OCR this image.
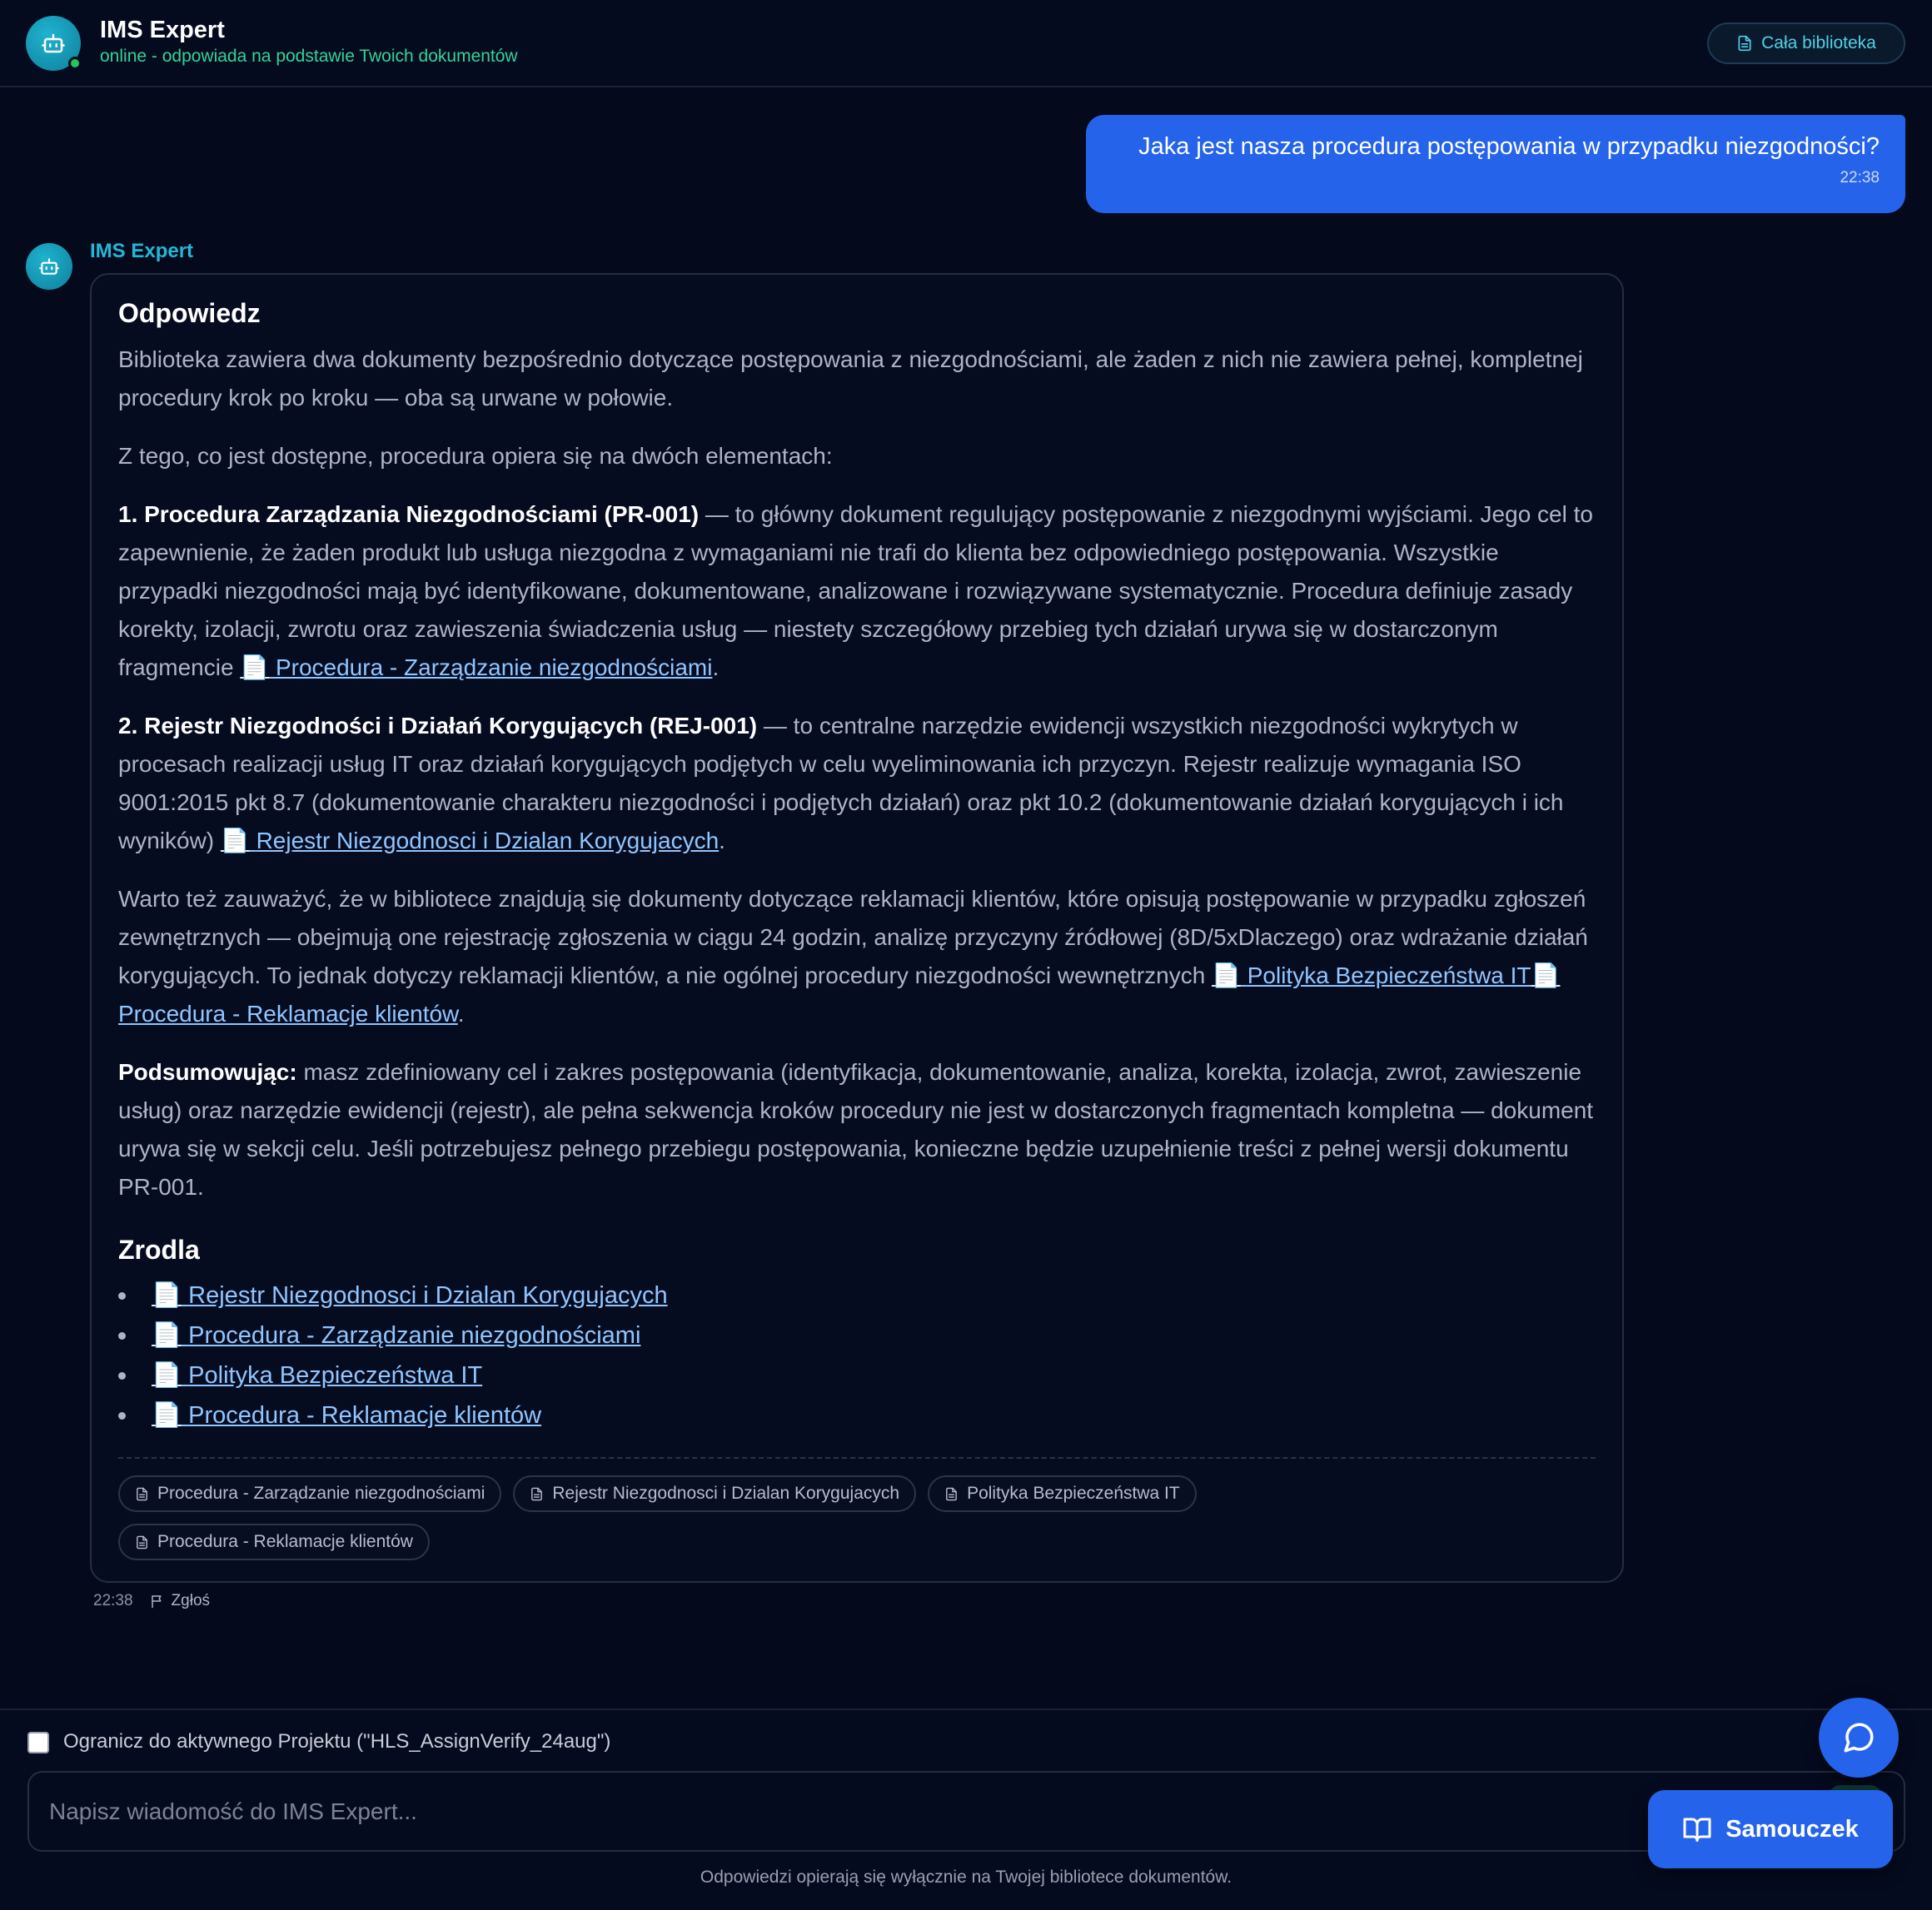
IMS Expert
online - odpowiada na podstawie Twoich dokumentów
Cała biblioteka
Jaka jest nasza procedura postępowania w przypadku niezgodności?
22:38
IMS Expert
Odpowiedz

Biblioteka zawiera dwa dokumenty bezpośrednio dotyczące postępowania z niezgodnościami, ale żaden z nich nie zawiera pełnej, kompletnej procedury krok po kroku — oba są urwane w połowie.

Z tego, co jest dostępne, procedura opiera się na dwóch elementach:

1. Procedura Zarządzania Niezgodnościami (PR-001) — to główny dokument regulujący postępowanie z niezgodnymi wyjściami. Jego cel to zapewnienie, że żaden produkt lub usługa niezgodna z wymaganiami nie trafi do klienta bez odpowiedniego postępowania. Wszystkie przypadki niezgodności mają być identyfikowane, dokumentowane, analizowane i rozwiązywane systematycznie. Procedura definiuje zasady korekty, izolacji, zwrotu oraz zawieszenia świadczenia usług — niestety szczegółowy przebieg tych działań urywa się w dostarczonym fragmencie 📄 Procedura - Zarządzanie niezgodnościami.

2. Rejestr Niezgodności i Działań Korygujących (REJ-001) — to centralne narzędzie ewidencji wszystkich niezgodności wykrytych w procesach realizacji usług IT oraz działań korygujących podjętych w celu wyeliminowania ich przyczyn. Rejestr realizuje wymagania ISO 9001:2015 pkt 8.7 (dokumentowanie charakteru niezgodności i podjętych działań) oraz pkt 10.2 (dokumentowanie działań korygujących i ich wyników) 📄 Rejestr Niezgodnosci i Dzialan Korygujacych.

Warto też zauważyć, że w bibliotece znajdują się dokumenty dotyczące reklamacji klientów, które opisują postępowanie w przypadku zgłoszeń zewnętrznych — obejmują one rejestrację zgłoszenia w ciągu 24 godzin, analizę przyczyny źródłowej (8D/5xDlaczego) oraz wdrażanie działań korygujących. To jednak dotyczy reklamacji klientów, a nie ogólnej procedury niezgodności wewnętrznych 📄 Polityka Bezpieczeństwa IT📄 Procedura - Reklamacje klientów.

Podsumowując: masz zdefiniowany cel i zakres postępowania (identyfikacja, dokumentowanie, analiza, korekta, izolacja, zwrot, zawieszenie usług) oraz narzędzie ewidencji (rejestr), ale pełna sekwencja kroków procedury nie jest w dostarczonych fragmentach kompletna — dokument urywa się w sekcji celu. Jeśli potrzebujesz pełnego przebiegu postępowania, konieczne będzie uzupełnienie treści z pełnej wersji dokumentu PR-001.

Zrodla
📄 Rejestr Niezgodnosci i Dzialan Korygujacych
📄 Procedura - Zarządzanie niezgodnościami
📄 Polityka Bezpieczeństwa IT
📄 Procedura - Reklamacje klientów
Procedura - Zarządzanie niezgodnościami	Rejestr Niezgodnosci i Dzialan Korygujacych	Polityka Bezpieczeństwa IT
Procedura - Reklamacje klientów
22:38 Zgłoś
Ogranicz do aktywnego Projektu ("HLS_AssignVerify_24aug")
Napisz wiadomość do IMS Expert...
Odpowiedzi opierają się wyłącznie na Twojej bibliotece dokumentów.
Samouczek
